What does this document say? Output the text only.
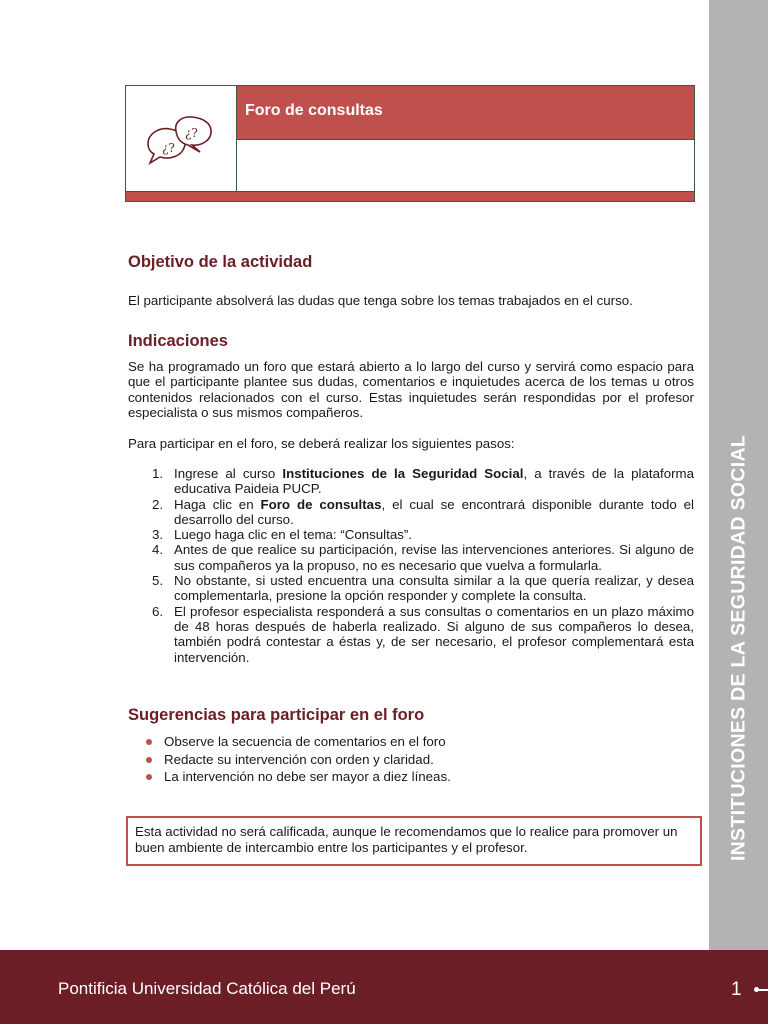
INSTITUCIONES DE LA SEGURIDAD SOCIAL
¿?
¿?
Foro de consultas
Objetivo de la actividad

El participante absolverá las dudas que tenga sobre los temas trabajados en el curso.

Indicaciones

Se ha programado un foro que estará abierto a lo largo del curso y servirá como espacio para que el participante plantee sus dudas, comentarios e inquietudes acerca de los temas u otros contenidos relacionados con el curso. Estas inquietudes serán respondidas por el profesor especialista o sus mismos compañeros.

Para participar en el foro, se deberá realizar los siguientes pasos:

1. Ingrese al curso Instituciones de la Seguridad Social, a través de la plataforma educativa Paideia PUCP.
2. Haga clic en Foro de consultas, el cual se encontrará disponible durante todo el desarrollo del curso.
3. Luego haga clic en el tema: “Consultas”.
4. Antes de que realice su participación, revise las intervenciones anteriores. Si alguno de sus compañeros ya la propuso, no es necesario que vuelva a formularla.
5. No obstante, si usted encuentra una consulta similar a la que quería realizar, y desea complementarla, presione la opción responder y complete la consulta.
6. El profesor especialista responderá a sus consultas o comentarios en un plazo máximo de 48 horas después de haberla realizado. Si alguno de sus compañeros lo desea, también podrá contestar a éstas y, de ser necesario, el profesor complementará esta intervención.
Sugerencias para participar en el foro
Observe la secuencia de comentarios en el foro
Redacte su intervención con orden y claridad.
La intervención no debe ser mayor a diez líneas.

Esta actividad no será calificada, aunque le recomendamos que lo realice para promover un buen ambiente de intercambio entre los participantes y el profesor.

Pontificia Universidad Católica del Perú	1
